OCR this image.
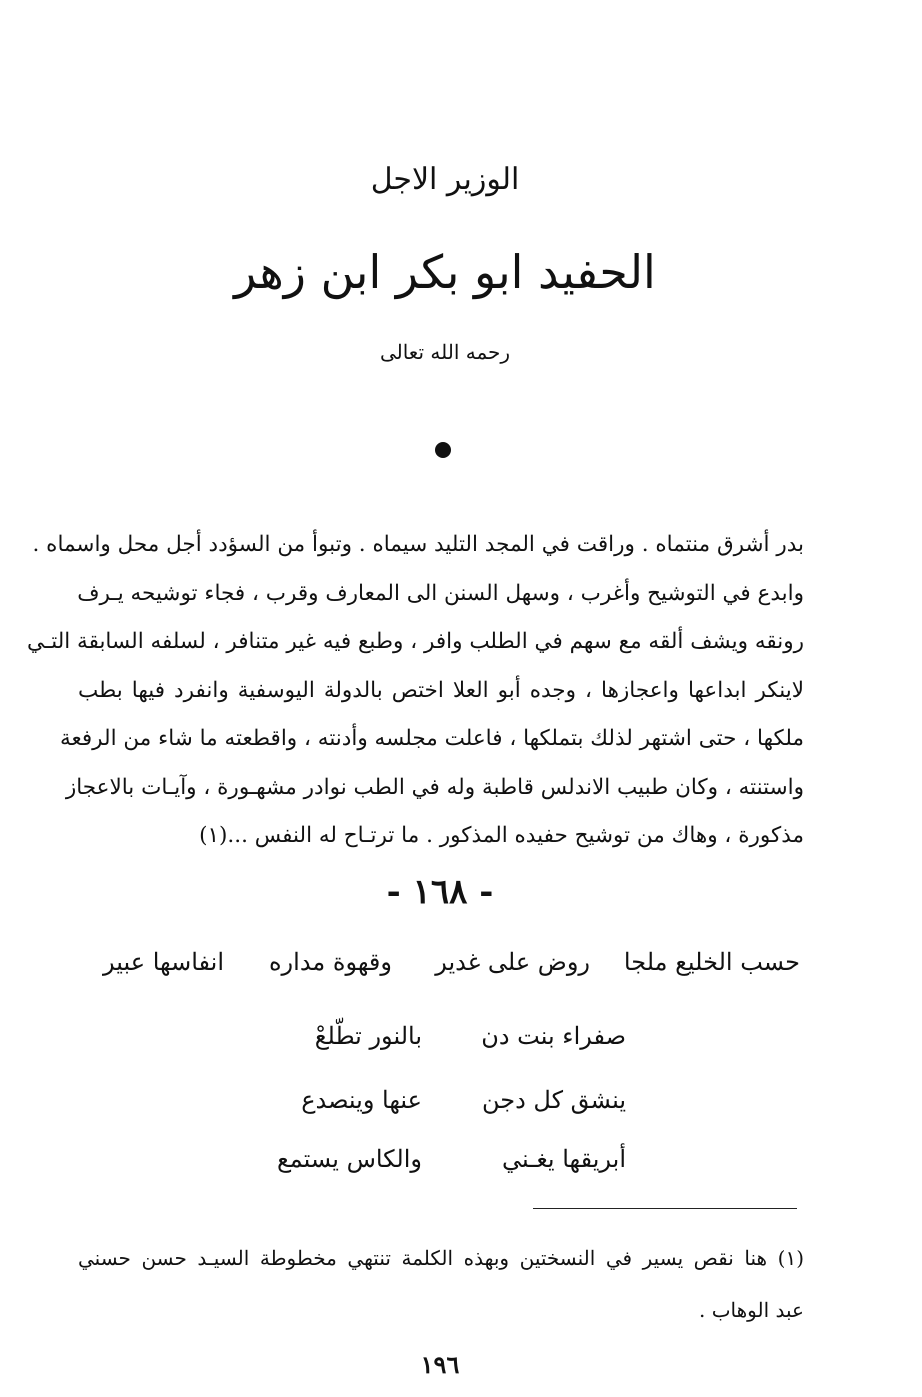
الوزير الاجل
الحفيد ابو بكر ابن زهر
رحمه الله تعالى
بدر أشرق منتماه . وراقت في المجد التليد سيماه . وتبوأ من السؤدد أجل محل واسماه .
وابدع في التوشيح وأغرب ، وسهل السنن الى المعارف وقرب ، فجاء توشيحه يـرف
رونقه ويشف ألقه مع سهم في الطلب وافر ، وطبع فيه غير متنافر ، لسلفه السابقة التـي
لاينكر ابداعها واعجازها ، وجده أبو العلا اختص بالدولة اليوسفية وانفرد فيها بطب
ملكها ، حتى اشتهر لذلك بتملكها ، فاعلت مجلسه وأدنته ، واقطعته ما شاء من الرفعة
واستنته ، وكان طبيب الاندلس قاطبة وله في الطب نوادر مشهـورة ، وآيـات بالاعجاز
مذكورة ، وهاك من توشيح حفيده المذكور . ما ترتـاح له النفس ...(١)
- ١٦٨ -
حسب الخليع ملجا
روض على غدير
وقهوة مداره
انفاسها عبير
صفراء بنت دن
بالنور تطّلعْ
ينشق كل دجن
عنها وينصدع
أبريقها يغـني
والكاس يستمع
(١) هنا نقص يسير في النسختين وبهذه الكلمة تنتهي مخطوطة السيـد حسن حسني
عبد الوهاب .
١٩٦
